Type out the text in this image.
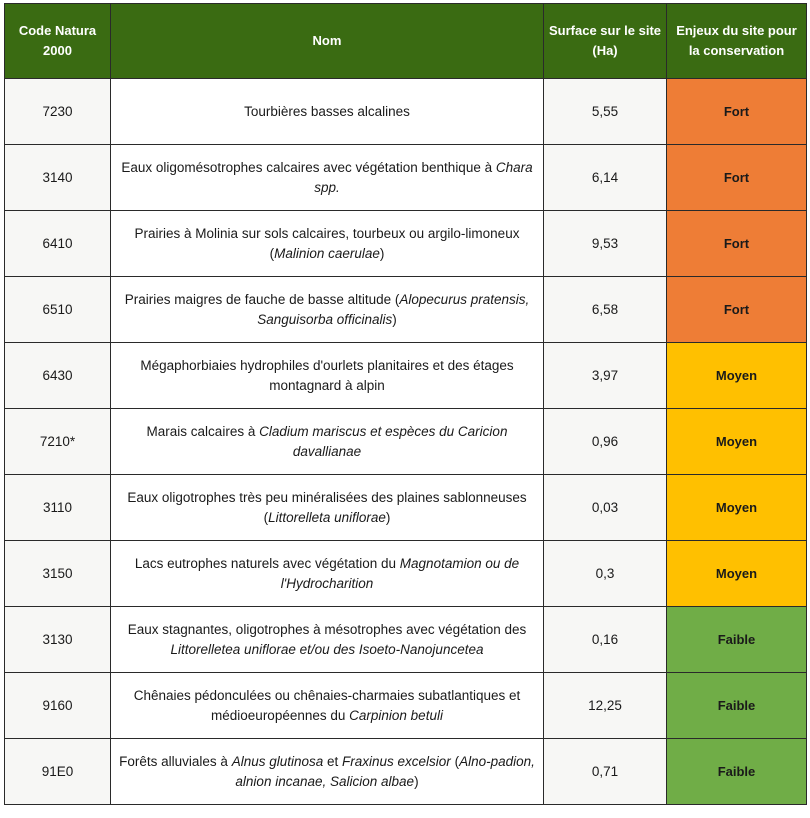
Code Natura 2000	Nom	Surface sur le site (Ha)	Enjeux du site pour la conservation
7230	Tourbières basses alcalines	5,55	Fort
3140	Eaux oligomésotrophes calcaires avec végétation benthique à Chara spp.	6,14	Fort
6410	Prairies à Molinia sur sols calcaires, tourbeux ou argilo-limoneux (Malinion caerulae)	9,53	Fort
6510	Prairies maigres de fauche de basse altitude (Alopecurus pratensis, Sanguisorba officinalis)	6,58	Fort
6430	Mégaphorbiaies hydrophiles d'ourlets planitaires et des étages montagnard à alpin	3,97	Moyen
7210*	Marais calcaires à Cladium mariscus et espèces du Caricion davallianae	0,96	Moyen
3110	Eaux oligotrophes très peu minéralisées des plaines sablonneuses (Littorelleta uniflorae)	0,03	Moyen
3150	Lacs eutrophes naturels avec végétation du Magnotamion ou de l'Hydrocharition	0,3	Moyen
3130	Eaux stagnantes, oligotrophes à mésotrophes avec végétation des Littorelletea uniflorae et/ou des Isoeto-Nanojuncetea	0,16	Faible
9160	Chênaies pédonculées ou chênaies-charmaies subatlantiques et médioeuropéennes du Carpinion betuli	12,25	Faible
91E0	Forêts alluviales à Alnus glutinosa et Fraxinus excelsior (Alno-padion, alnion incanae, Salicion albae)	0,71	Faible
